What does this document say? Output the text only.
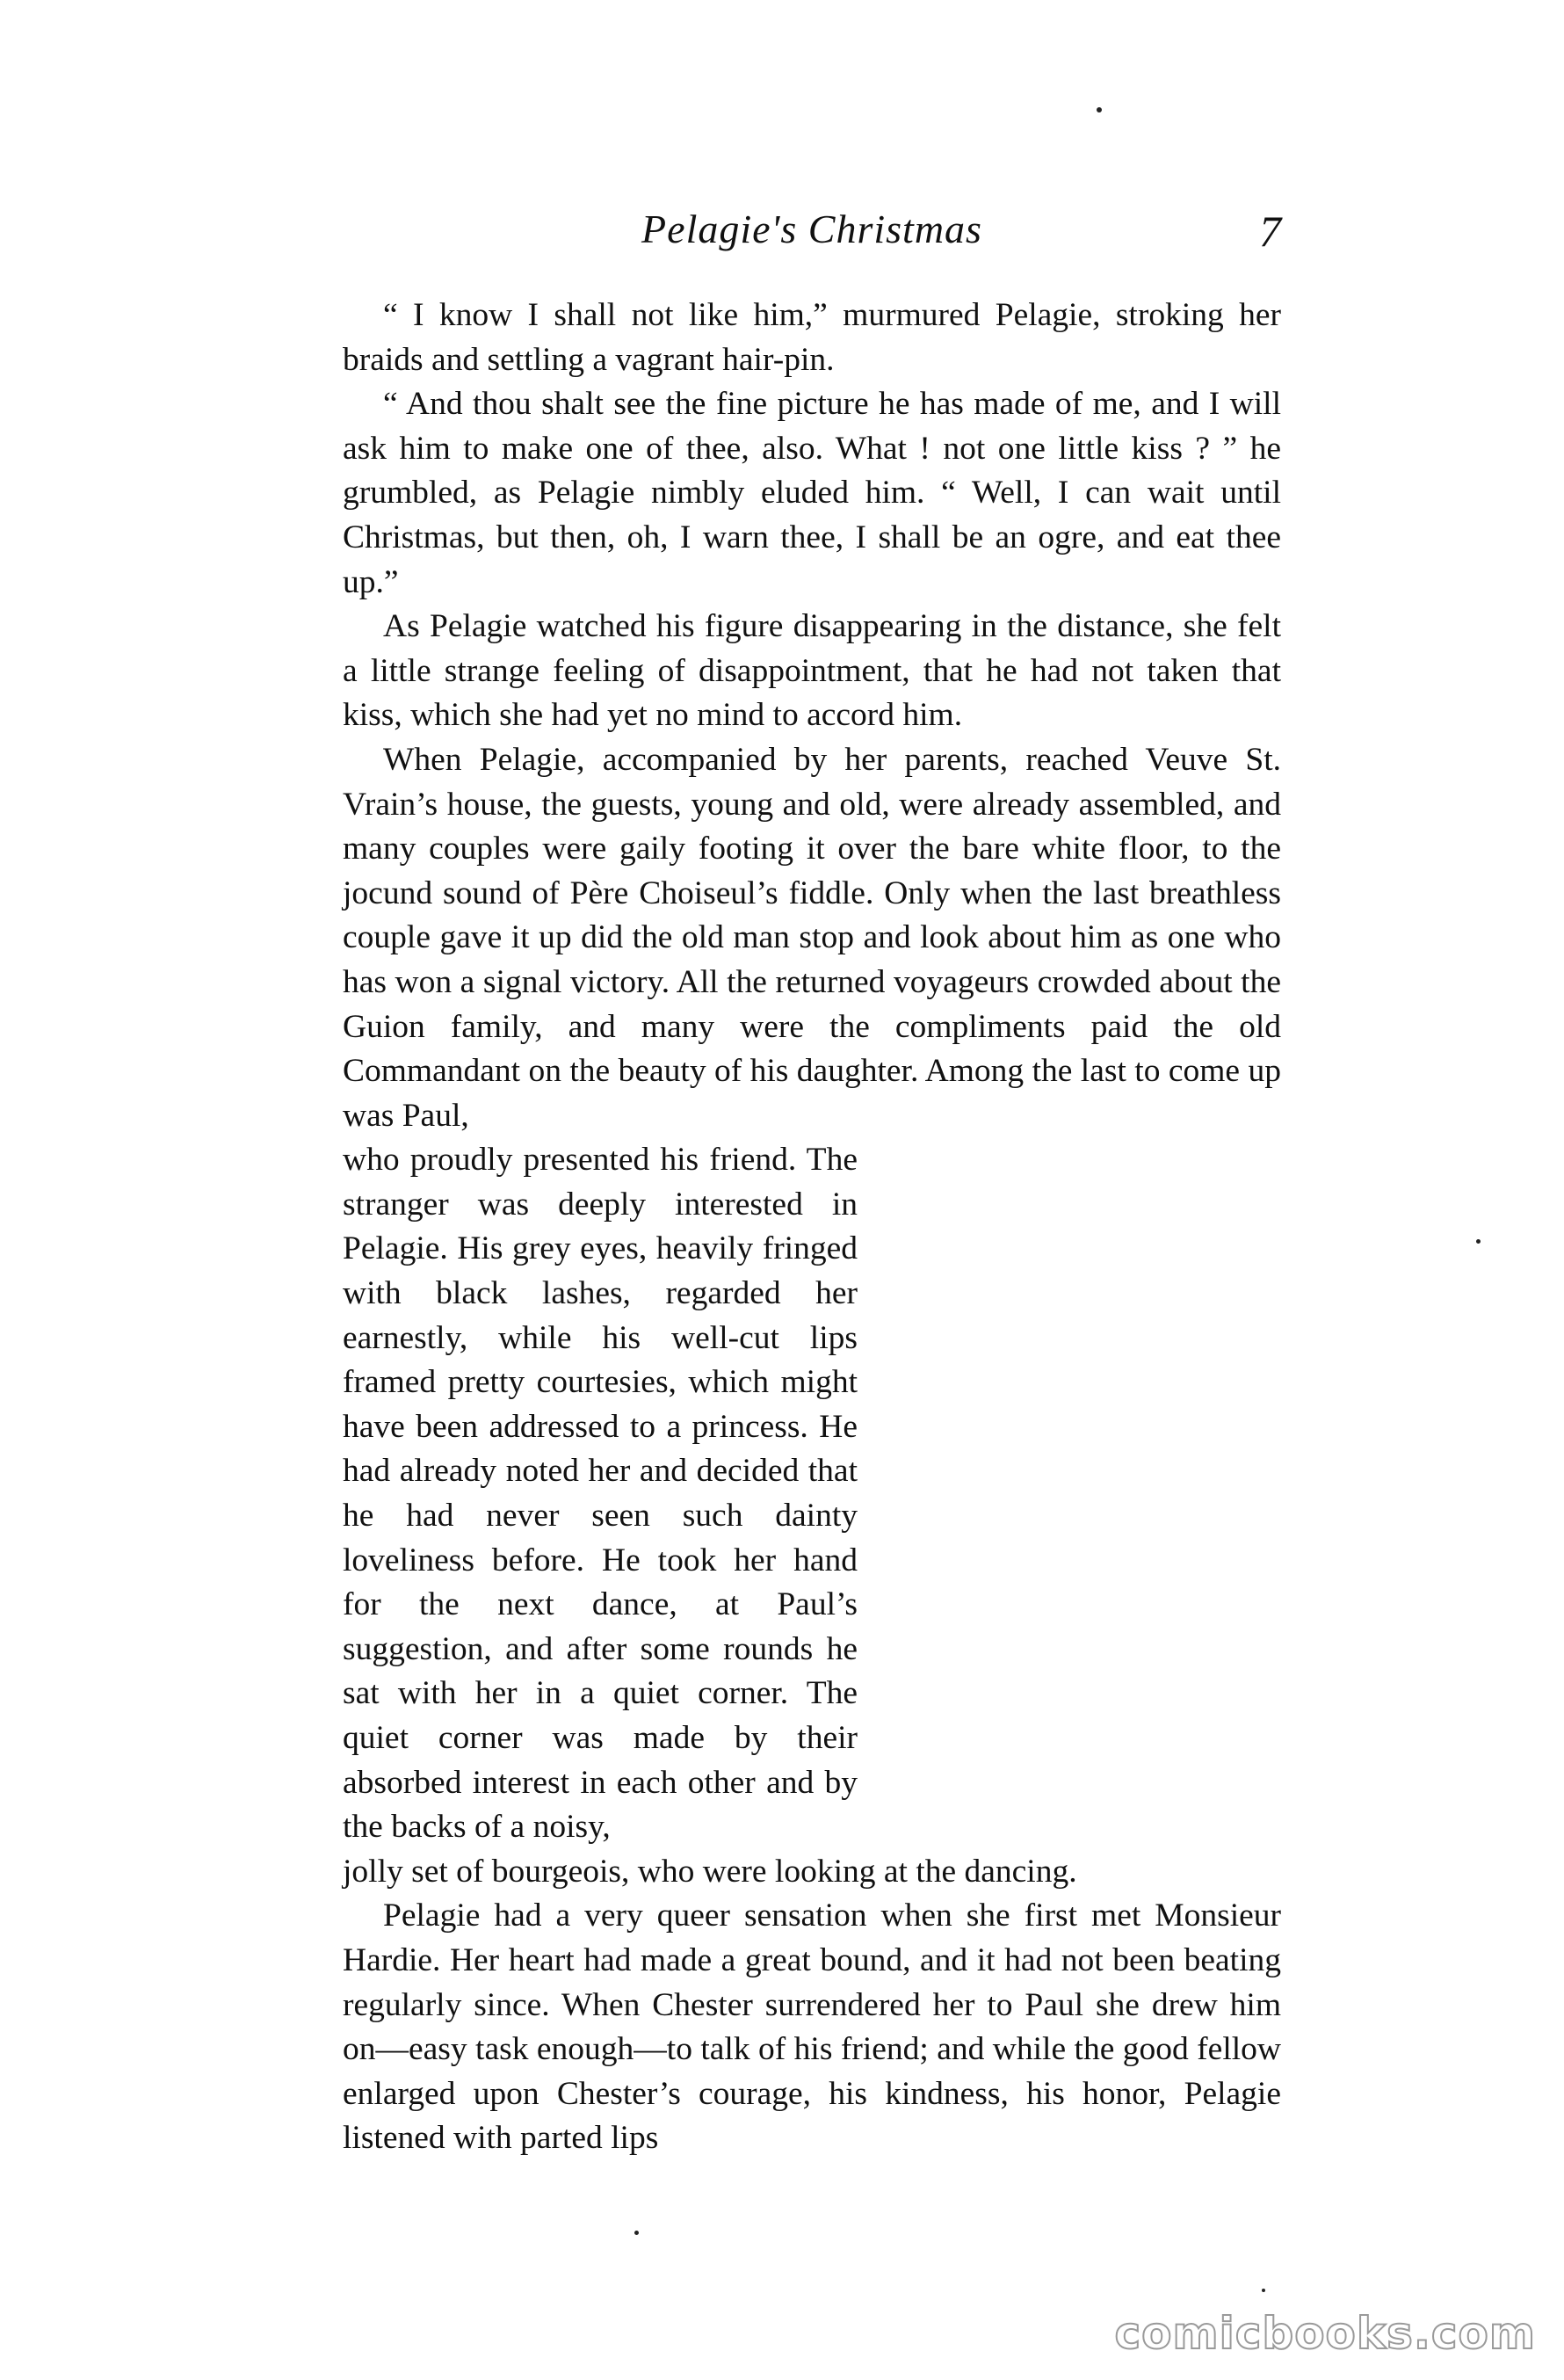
Pelagie's Christmas	7

“ I know I shall not like him,” murmured Pelagie, stroking her braids and settling a vagrant hair-pin.

“ And thou shalt see the fine picture he has made of me, and I will ask him to make one of thee, also. What ! not one little kiss ? ” he grumbled, as Pelagie nimbly eluded him. “ Well, I can wait until Christmas, but then, oh, I warn thee, I shall be an ogre, and eat thee up.”

As Pelagie watched his figure disappearing in the distance, she felt a little strange feeling of disappointment, that he had not taken that kiss, which she had yet no mind to accord him.

When Pelagie, accompanied by her parents, reached Veuve St. Vrain’s house, the guests, young and old, were already assembled, and many couples were gaily footing it over the bare white floor, to the jocund sound of Père Choiseul’s fiddle. Only when the last breathless couple gave it up did the old man stop and look about him as one who has won a signal victory. All the returned voyageurs crowded about the Guion family, and many were the compliments paid the old Commandant on the beauty of his daughter. Among the last to come up was Paul,

who proudly presented his friend. The stranger was deeply interested in Pelagie. His grey eyes, heavily fringed with black lashes, regarded her earnestly, while his well-cut lips framed pretty courtesies, which might have been addressed to a princess. He had already noted her and decided that he had never seen such dainty loveliness before. He took her hand for the next dance, at Paul’s suggestion, and after some rounds he sat with her in a quiet corner. The quiet corner was made by their absorbed interest in each other and by the backs of a noisy,

jolly set of bourgeois, who were looking at the dancing.

Pelagie had a very queer sensation when she first met Monsieur Hardie. Her heart had made a great bound, and it had not been beating regularly since. When Chester surrendered her to Paul she drew him on—easy task enough—to talk of his friend; and while the good fellow enlarged upon Chester’s courage, his kindness, his honor, Pelagie listened with parted lips

comicbooks.com
